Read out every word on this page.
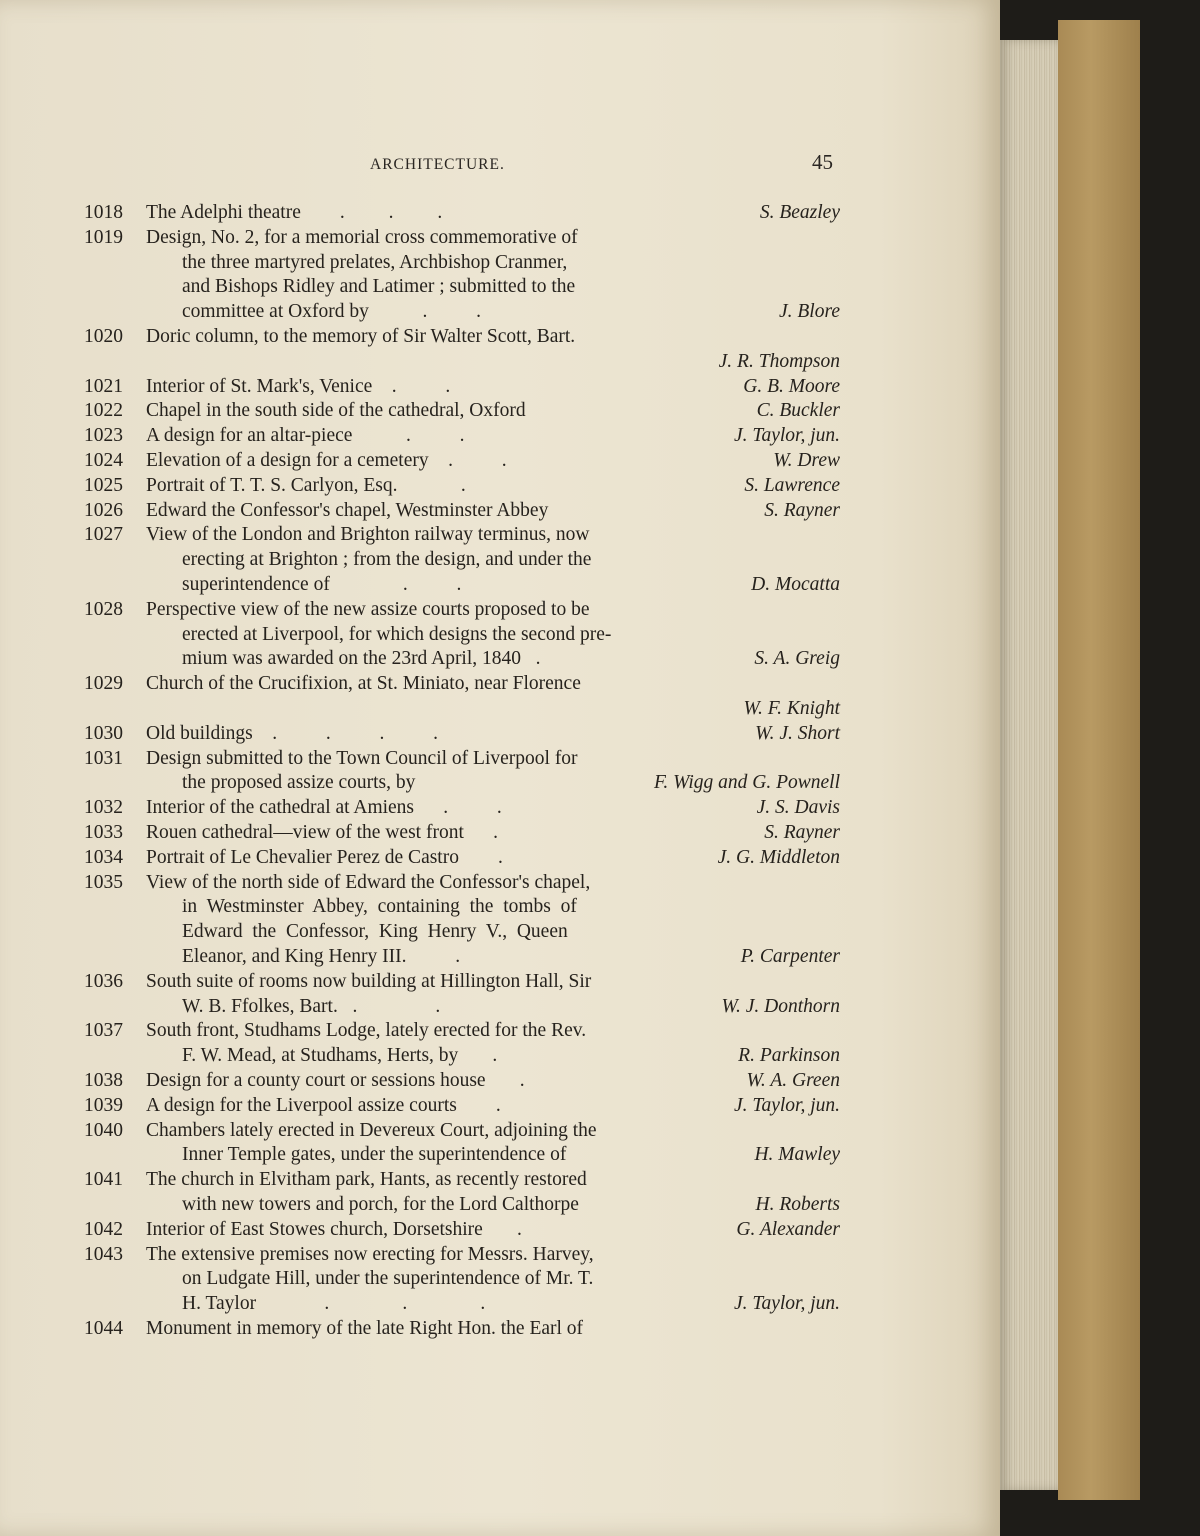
ARCHITECTURE.	45
1018 The Adelphi theatre        .         .         .	S. Beazley
1019 Design, No. 2, for a memorial cross commemorative of
the three martyred prelates, Archbishop Cranmer,
and Bishops Ridley and Latimer ; submitted to the
committee at Oxford by           .          .	J. Blore
1020 Doric column, to the memory of Sir Walter Scott, Bart.
J. R. Thompson
1021 Interior of St. Mark's, Venice    .          .	G. B. Moore
1022 Chapel in the south side of the cathedral, Oxford	C. Buckler
1023 A design for an altar-piece           .          .	J. Taylor, jun.
1024 Elevation of a design for a cemetery    .          .	W. Drew
1025 Portrait of T. T. S. Carlyon, Esq.             .	S. Lawrence
1026 Edward the Confessor's chapel, Westminster Abbey	S. Rayner
1027 View of the London and Brighton railway terminus, now
erecting at Brighton ; from the design, and under the
superintendence of               .          .	D. Mocatta
1028 Perspective view of the new assize courts proposed to be
erected at Liverpool, for which designs the second pre-
mium was awarded on the 23rd April, 1840   .	S. A. Greig
1029 Church of the Crucifixion, at St. Miniato, near Florence
W. F. Knight
1030 Old buildings    .          .          .          .	W. J. Short
1031 Design submitted to the Town Council of Liverpool for
the proposed assize courts, by	F. Wigg and G. Pownell
1032 Interior of the cathedral at Amiens      .          .	J. S. Davis
1033 Rouen cathedral—view of the west front      .	S. Rayner
1034 Portrait of Le Chevalier Perez de Castro        .	J. G. Middleton
1035 View of the north side of Edward the Confessor's chapel,
in  Westminster  Abbey,  containing  the  tombs  of
Edward  the  Confessor,  King  Henry  V.,  Queen
Eleanor, and King Henry III.          .	P. Carpenter
1036 South suite of rooms now building at Hillington Hall, Sir
W. B. Ffolkes, Bart.   .                .	W. J. Donthorn
1037 South front, Studhams Lodge, lately erected for the Rev.
F. W. Mead, at Studhams, Herts, by       .	R. Parkinson
1038 Design for a county court or sessions house       .	W. A. Green
1039 A design for the Liverpool assize courts        .	J. Taylor, jun.
1040 Chambers lately erected in Devereux Court, adjoining the
Inner Temple gates, under the superintendence of	H. Mawley
1041 The church in Elvitham park, Hants, as recently restored
with new towers and porch, for the Lord Calthorpe	H. Roberts
1042 Interior of East Stowes church, Dorsetshire       .	G. Alexander
1043 The extensive premises now erecting for Messrs. Harvey,
on Ludgate Hill, under the superintendence of Mr. T.
H. Taylor              .               .               .	J. Taylor, jun.
1044 Monument in memory of the late Right Hon. the Earl of
